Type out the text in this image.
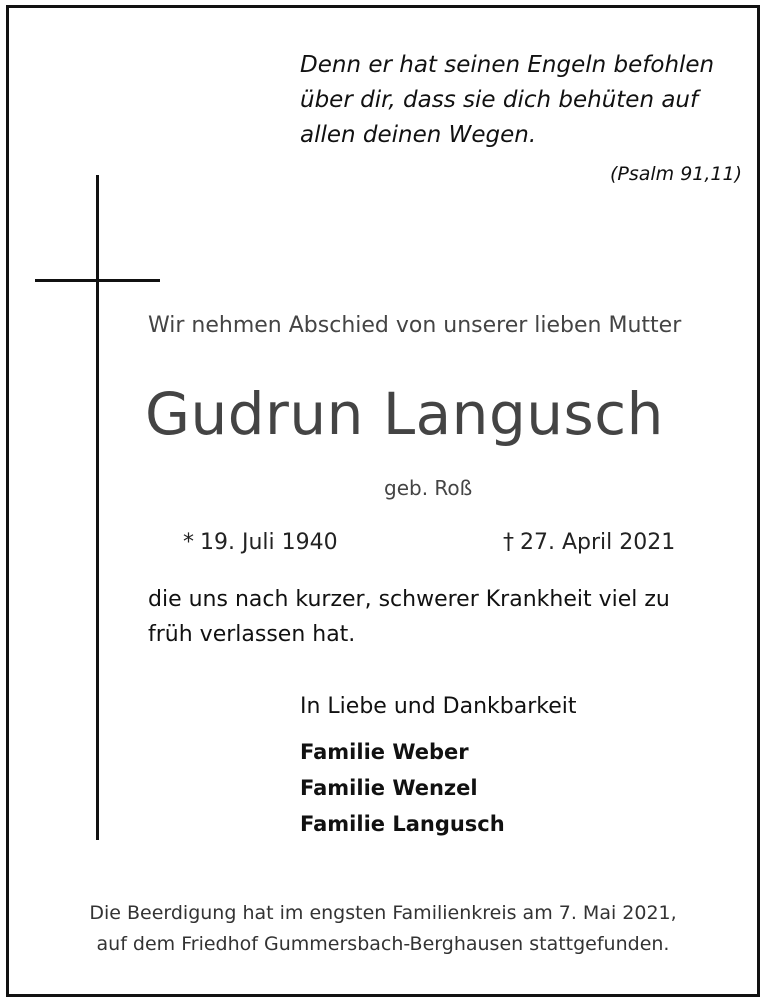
Denn er hat seinen Engeln befohlen
über dir, dass sie dich behüten auf
allen deinen Wegen.
(Psalm 91,11)
Wir nehmen Abschied von unserer lieben Mutter
Gudrun Langusch
geb. Roß
* 19. Juli 1940	† 27. April 2021
die uns nach kurzer, schwerer Krankheit viel zu
früh verlassen hat.
In Liebe und Dankbarkeit
Familie Weber
Familie Wenzel
Familie Langusch
Die Beerdigung hat im engsten Familienkreis am 7. Mai 2021,
auf dem Friedhof Gummersbach-Berghausen stattgefunden.
